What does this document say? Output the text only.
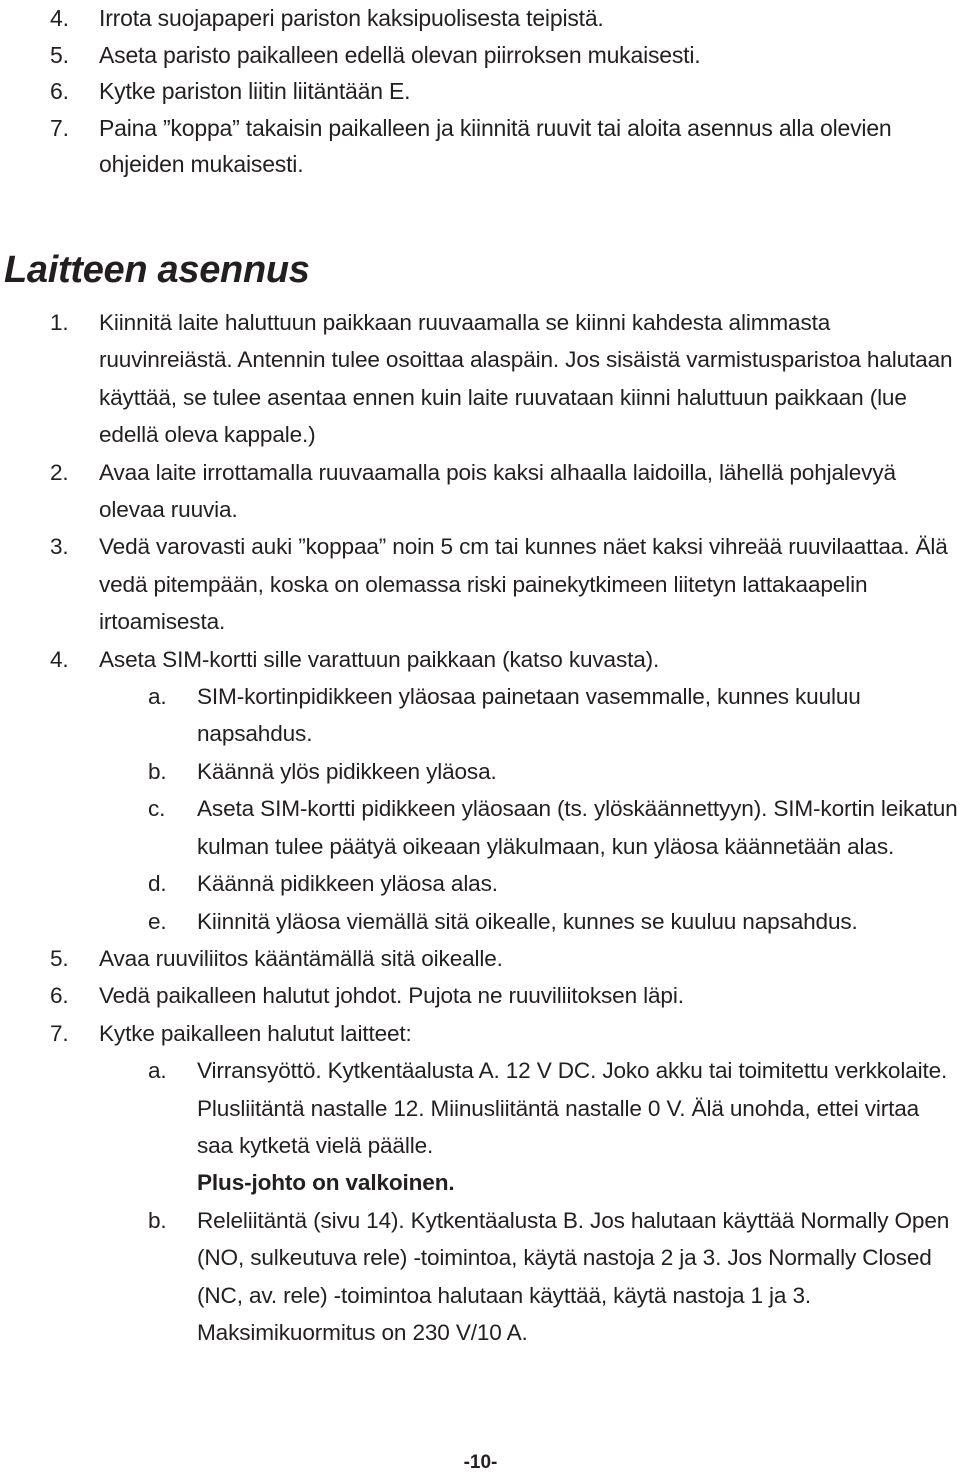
4. Irrota suojapaperi pariston kaksipuolisesta teipistä.
5. Aseta paristo paikalleen edellä olevan piirroksen mukaisesti.
6. Kytke pariston liitin liitäntään E.
7. Paina ”koppa” takaisin paikalleen ja kiinnitä ruuvit tai aloita asennus alla olevien ohjeiden mukaisesti.
Laitteen asennus
1. Kiinnitä laite haluttuun paikkaan ruuvaamalla se kiinni kahdesta alimmasta ruuvinreiästä. Antennin tulee osoittaa alaspäin. Jos sisäistä varmistusparistoa halutaan käyttää, se tulee asentaa ennen kuin laite ruuvataan kiinni haluttuun paikkaan (lue edellä oleva kappale.)
2. Avaa laite irrottamalla ruuvaamalla pois kaksi alhaalla laidoilla, lähellä pohjalevyä olevaa ruuvia.
3. Vedä varovasti auki ”koppaa” noin 5 cm tai kunnes näet kaksi vihreää ruuvilaattaa. Älä vedä pitempään, koska on olemassa riski painekytkimeen liitetyn lattakaapelin irtoamisesta.
4. Aseta SIM-kortti sille varattuun paikkaan (katso kuvasta).
a. SIM-kortinpidikkeen yläosaa painetaan vasemmalle, kunnes kuuluu napsahdus.
b. Käännä ylös pidikkeen yläosa.
c. Aseta SIM-kortti pidikkeen yläosaan (ts. ylöskäännettyyn). SIM-kortin leikatun kulman tulee päätyä oikeaan yläkulmaan, kun yläosa käännetään alas.
d. Käännä pidikkeen yläosa alas.
e. Kiinnitä yläosa viemällä sitä oikealle, kunnes se kuuluu napsahdus.
5. Avaa ruuviliitos kääntämällä sitä oikealle.
6. Vedä paikalleen halutut johdot. Pujota ne ruuviliitoksen läpi.
7. Kytke paikalleen halutut laitteet:
a. Virransyöttö. Kytkentäalusta A. 12 V DC. Joko akku tai toimitettu verkkolaite. Plusliitäntä nastalle 12. Miinusliitäntä nastalle 0 V. Älä unohda, ettei virtaa saa kytketä vielä päälle.
Plus-johto on valkoinen.
b. Releliitäntä (sivu 14). Kytkentäalusta B. Jos halutaan käyttää Normally Open (NO, sulkeutuva rele) -toimintoa, käytä nastoja 2 ja 3. Jos Normally Closed (NC, av. rele) -toimintoa halutaan käyttää, käytä nastoja 1 ja 3. Maksimikuormitus on 230 V/10 A.
-10-
